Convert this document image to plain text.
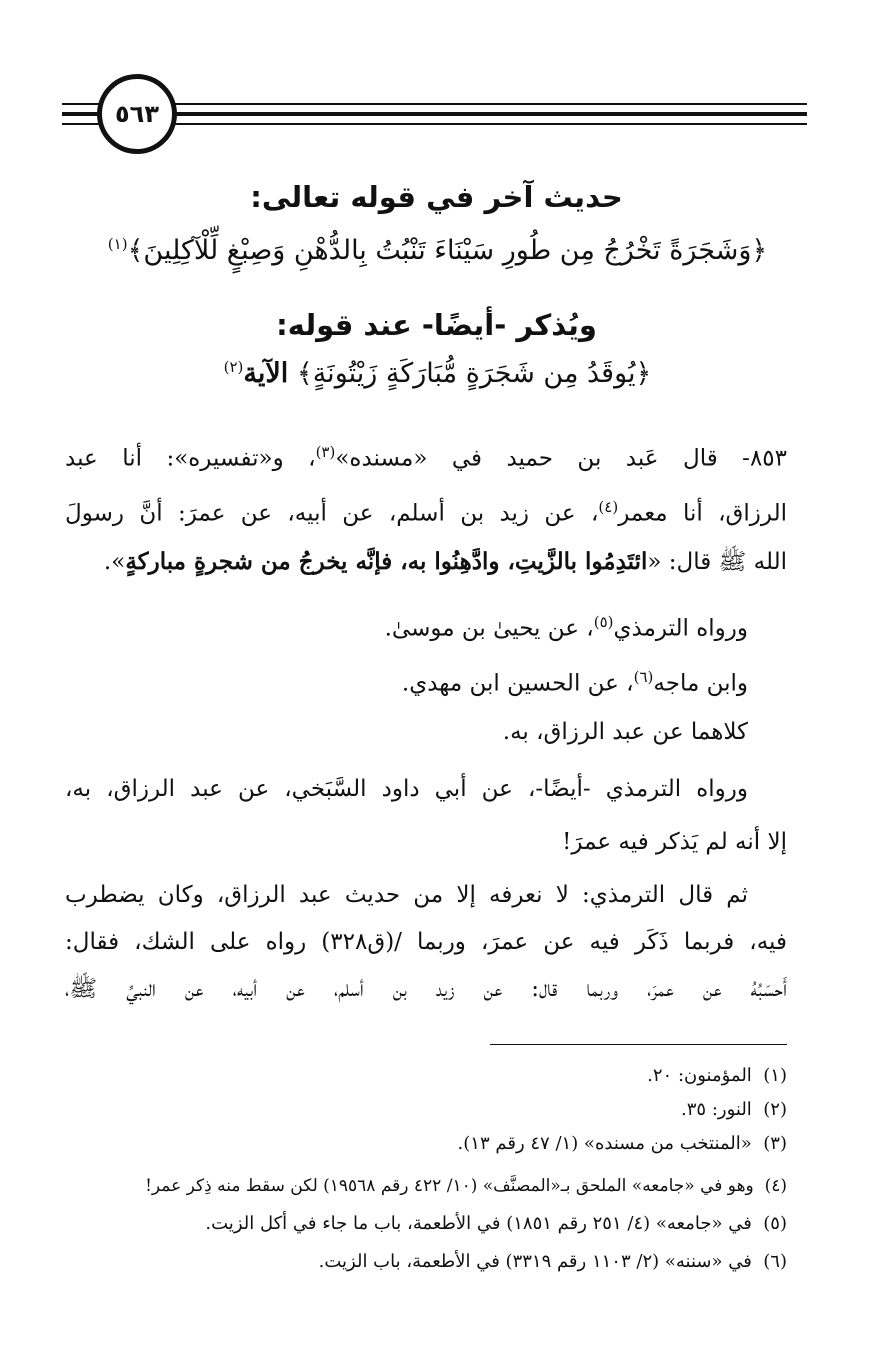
٥٦٣
حديث آخر في قوله تعالى:
﴿وَشَجَرَةً تَخْرُجُ مِن طُورِ سَيْنَاءَ تَنْبُتُ بِالدُّهْنِ وَصِبْغٍ لِّلْآكِلِينَ﴾$^{(١)}$
ويُذكر -أيضًا- عند قوله:
﴿يُوقَدُ مِن شَجَرَةٍ مُّبَارَكَةٍ زَيْتُونَةٍ﴾ الآية$^{(٢)}$
٨٥٣- قال عَبد بن حميد في «مسنده»$^{(٣)}$، و«تفسيره»: أنا عبد
الرزاق، أنا معمر$^{(٤)}$، عن زيد بن أسلم، عن أبيه، عن عمرَ: أنَّ رسولَ
الله ﷺ قال: «ائتَدِمُوا بالزَّيتِ، وادَّهِنُوا به، فإنَّه يخرجُ من شجرةٍ مباركةٍ».
ورواه الترمذي$^{(٥)}$، عن يحيىٰ بن موسىٰ.
وابن ماجه$^{(٦)}$، عن الحسين ابن مهدي.
كلاهما عن عبد الرزاق، به.
ورواه الترمذي -أيضًا-، عن أبي داود السَّبَخي، عن عبد الرزاق، به،
إلا أنه لم يَذكر فيه عمرَ!
ثم قال الترمذي: لا نعرفه إلا من حديث عبد الرزاق، وكان يضطرب
فيه، فربما ذَكَر فيه عن عمرَ، وربما /(ق٣٢٨) رواه على الشك، فقال:
أَحسَبُهُ عن عمرَ، وربما قال: عن زيد بن أسلم، عن أبيه، عن النبيِّ ﷺ،
(١)  المؤمنون: ٢٠.
(٢)  النور: ٣٥.
(٣)  «المنتخب من مسنده» (١/ ٤٧ رقم ١٣).
(٤)  وهو في «جامعه» الملحق بـ«المصنَّف» (١٠/ ٤٢٢ رقم ١٩٥٦٨) لكن سقط منه ذِكر عمر!
(٥)  في «جامعه» (٤/ ٢٥١ رقم ١٨٥١) في الأطعمة، باب ما جاء في أكل الزيت.
(٦)  في «سننه» (٢/ ١١٠٣ رقم ٣٣١٩) في الأطعمة، باب الزيت.
